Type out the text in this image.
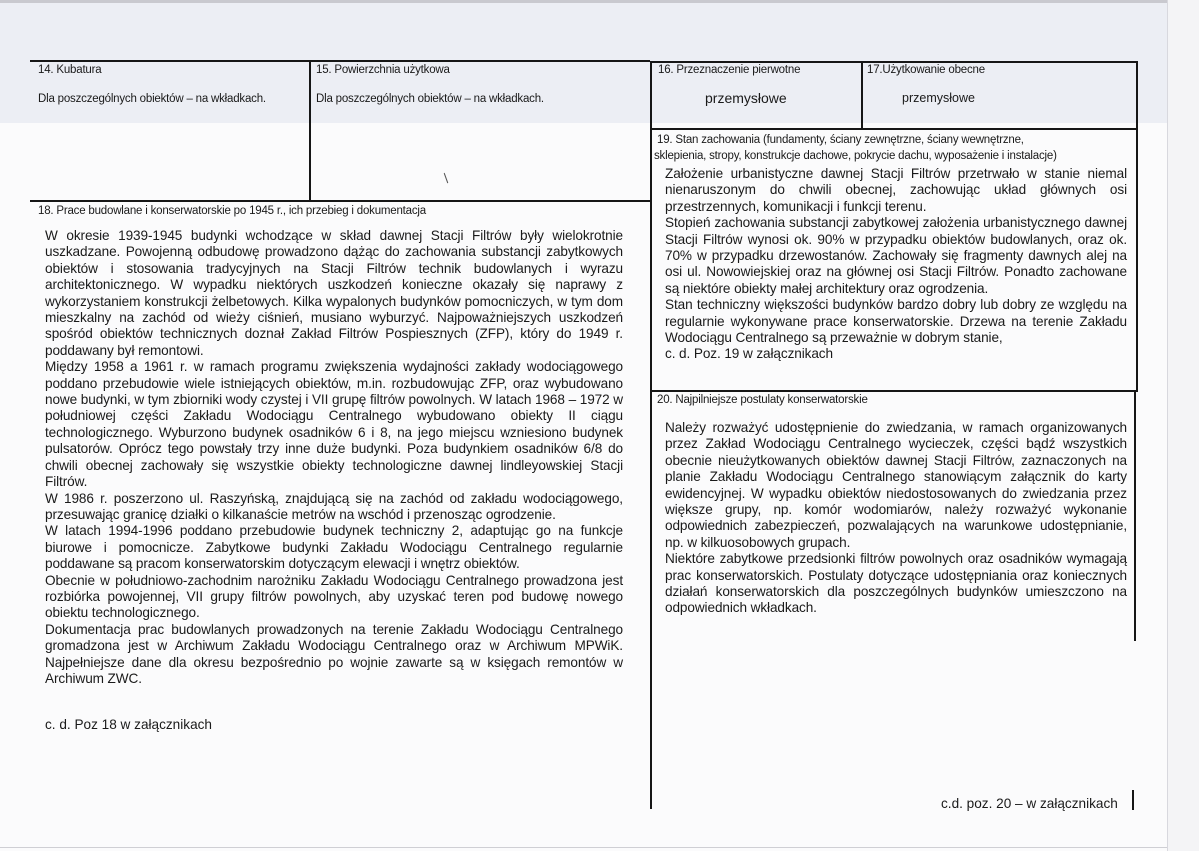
14. Kubatura
Dla poszczególnych obiektów – na wkładkach.
15. Powierzchnia użytkowa
Dla poszczególnych obiektów – na wkładkach.
/
16. Przeznaczenie pierwotne
przemysłowe
17.Użytkowanie obecne
przemysłowe
18. Prace budowlane i konserwatorskie po 1945 r., ich przebieg i dokumentacja

W okresie 1939-1945 budynki wchodzące w skład dawnej Stacji Filtrów były wielokrotnie uszkadzane. Powojenną odbudowę prowadzono dążąc do zachowania substancji zabytkowych obiektów i stosowania tradycyjnych na Stacji Filtrów technik budowlanych i wyrazu architektonicznego. W wypadku niektórych uszkodzeń konieczne okazały się naprawy z wykorzystaniem konstrukcji żelbetowych. Kilka wypalonych budynków pomocniczych, w tym dom mieszkalny na zachód od wieży ciśnień, musiano wyburzyć. Najpoważniejszych uszkodzeń spośród obiektów technicznych doznał Zakład Filtrów Pospiesznych (ZFP), który do 1949 r. poddawany był remontowi.

Między 1958 a 1961 r. w ramach programu zwiększenia wydajności zakłady wodociągowego poddano przebudowie wiele istniejących obiektów, m.in. rozbudowując ZFP, oraz wybudowano nowe budynki, w tym zbiorniki wody czystej i VII grupę filtrów powolnych. W latach 1968 – 1972 w południowej części Zakładu Wodociągu Centralnego wybudowano obiekty II ciągu technologicznego. Wyburzono budynek osadników 6 i 8, na jego miejscu wzniesiono budynek pulsatorów. Oprócz tego powstały trzy inne duże budynki. Poza budynkiem osadników 6/8 do chwili obecnej zachowały się wszystkie obiekty technologiczne dawnej lindleyowskiej Stacji Filtrów.

W 1986 r. poszerzono ul. Raszyńską, znajdującą się na zachód od zakładu wodociągowego, przesuwając granicę działki o kilkanaście metrów na wschód i przenosząc ogrodzenie.

W latach 1994-1996 poddano przebudowie budynek techniczny 2, adaptując go na funkcje biurowe i pomocnicze. Zabytkowe budynki Zakładu Wodociągu Centralnego regularnie poddawane są pracom konserwatorskim dotyczącym elewacji i wnętrz obiektów.

Obecnie w południowo-zachodnim narożniku Zakładu Wodociągu Centralnego prowadzona jest rozbiórka powojennej, VII grupy filtrów powolnych, aby uzyskać teren pod budowę nowego obiektu technologicznego.

Dokumentacja prac budowlanych prowadzonych na terenie Zakładu Wodociągu Centralnego gromadzona jest w Archiwum Zakładu Wodociągu Centralnego oraz w Archiwum MPWiK. Najpełniejsze dane dla okresu bezpośrednio po wojnie zawarte są w księgach remontów w Archiwum ZWC.

c. d. Poz 18 w załącznikach
19. Stan zachowania (fundamenty, ściany zewnętrzne, ściany wewnętrzne,
sklepienia, stropy, konstrukcje dachowe, pokrycie dachu, wyposażenie i instalacje)

Założenie urbanistyczne dawnej Stacji Filtrów przetrwało w stanie niemal nienaruszonym do chwili obecnej, zachowując układ głównych osi przestrzennych, komunikacji i funkcji terenu.

Stopień zachowania substancji zabytkowej założenia urbanistycznego dawnej Stacji Filtrów wynosi ok. 90% w przypadku obiektów budowlanych, oraz ok. 70% w przypadku drzewostanów. Zachowały się fragmenty dawnych alej na osi ul. Nowowiejskiej oraz na głównej osi Stacji Filtrów. Ponadto zachowane są niektóre obiekty małej architektury oraz ogrodzenia.

Stan techniczny większości budynków bardzo dobry lub dobry ze względu na regularnie wykonywane prace konserwatorskie. Drzewa na terenie Zakładu Wodociągu Centralnego są przeważnie w dobrym stanie,

c. d. Poz. 19 w załącznikach

20. Najpilniejsze postulaty konserwatorskie

Należy rozważyć udostępnienie do zwiedzania, w ramach organizowanych przez Zakład Wodociągu Centralnego wycieczek, części bądź wszystkich obecnie nieużytkowanych obiektów dawnej Stacji Filtrów, zaznaczonych na planie Zakładu Wodociągu Centralnego stanowiącym załącznik do karty ewidencyjnej. W wypadku obiektów niedostosowanych do zwiedzania przez większe grupy, np. komór wodomiarów, należy rozważyć wykonanie odpowiednich zabezpieczeń, pozwalających na warunkowe udostępnianie, np. w kilkuosobowych grupach.

Niektóre zabytkowe przedsionki filtrów powolnych oraz osadników wymagają prac konserwatorskich. Postulaty dotyczące udostępniania oraz koniecznych działań konserwatorskich dla poszczególnych budynków umieszczono na odpowiednich wkładkach.

c.d. poz. 20 – w załącznikach
